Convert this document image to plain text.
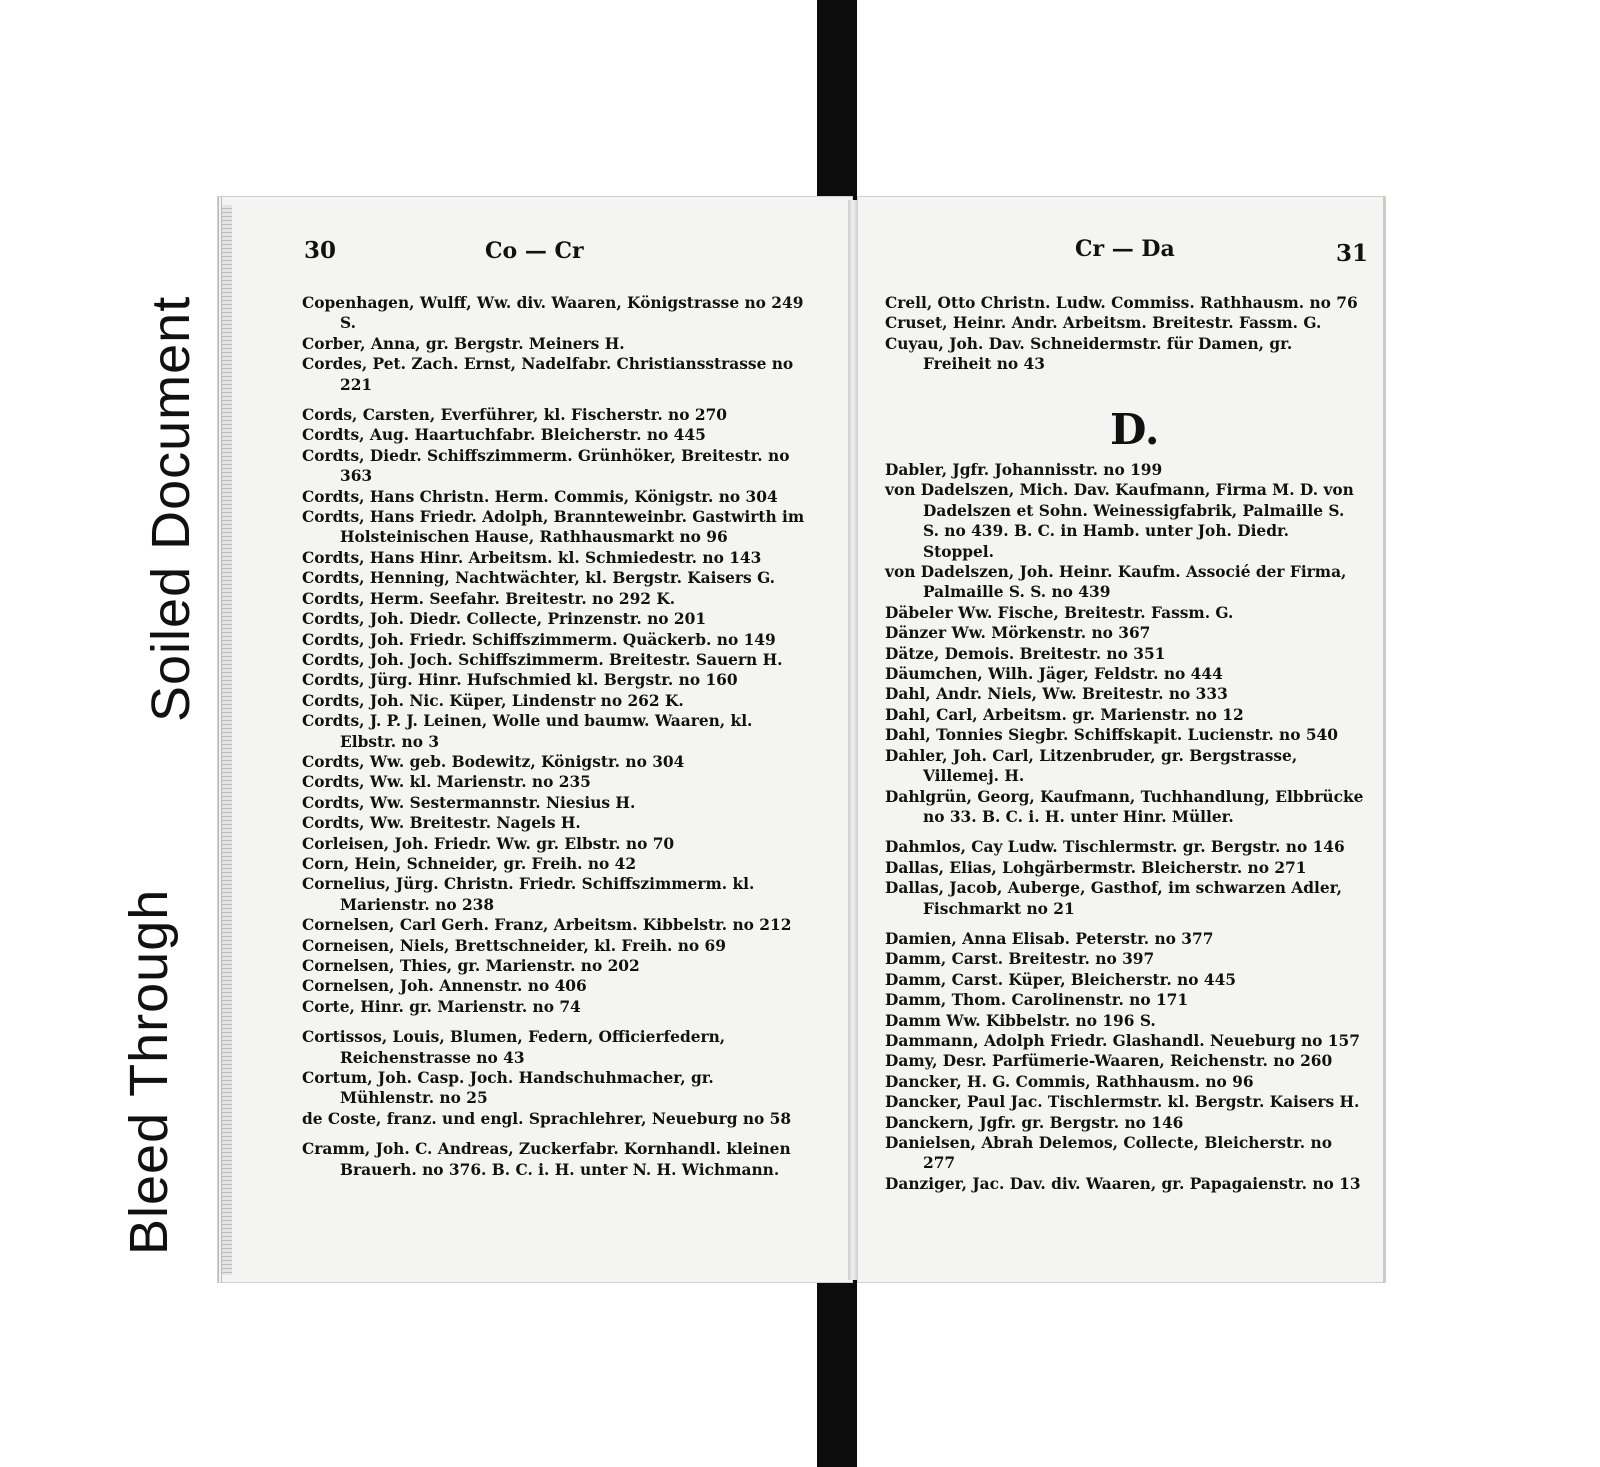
Bleed Through
Soiled Document
30	Co — Cr	Cr — Da	31
Copenhagen, Wulff, Ww. div. Waaren, Königstrasse no 249 S.
Corber, Anna, gr. Bergstr. Meiners H.
Cordes, Pet. Zach. Ernst, Nadelfabr. Christiansstrasse no 221
Cords, Carsten, Everführer, kl. Fischerstr. no 270
Cordts, Aug. Haartuchfabr. Bleicherstr. no 445
Cordts, Diedr. Schiffszimmerm. Grünhöker, Breitestr. no 363
Cordts, Hans Christn. Herm. Commis, Königstr. no 304
Cordts, Hans Friedr. Adolph, Brannteweinbr. Gastwirth im Holsteinischen Hause, Rathhausmarkt no 96
Cordts, Hans Hinr. Arbeitsm. kl. Schmiedestr. no 143
Cordts, Henning, Nachtwächter, kl. Bergstr. Kaisers G.
Cordts, Herm. Seefahr. Breitestr. no 292 K.
Cordts, Joh. Diedr. Collecte, Prinzenstr. no 201
Cordts, Joh. Friedr. Schiffszimmerm. Quäckerb. no 149
Cordts, Joh. Joch. Schiffszimmerm. Breitestr. Sauern H.
Cordts, Jürg. Hinr. Hufschmied kl. Bergstr. no 160
Cordts, Joh. Nic. Küper, Lindenstr no 262 K.
Cordts, J. P. J. Leinen, Wolle und baumw. Waaren, kl. Elbstr. no 3
Cordts, Ww. geb. Bodewitz, Königstr. no 304
Cordts, Ww. kl. Marienstr. no 235
Cordts, Ww. Sestermannstr. Niesius H.
Cordts, Ww. Breitestr. Nagels H.
Corleisen, Joh. Friedr. Ww. gr. Elbstr. no 70
Corn, Hein, Schneider, gr. Freih. no 42
Cornelius, Jürg. Christn. Friedr. Schiffszimmerm. kl. Marienstr. no 238
Cornelsen, Carl Gerh. Franz, Arbeitsm. Kibbelstr. no 212
Corneisen, Niels, Brettschneider, kl. Freih. no 69
Cornelsen, Thies, gr. Marienstr. no 202
Cornelsen, Joh. Annenstr. no 406
Corte, Hinr. gr. Marienstr. no 74
Cortissos, Louis, Blumen, Federn, Officierfedern, Reichenstrasse no 43
Cortum, Joh. Casp. Joch. Handschuhmacher, gr. Mühlenstr. no 25
de Coste, franz. und engl. Sprachlehrer, Neueburg no 58
Cramm, Joh. C. Andreas, Zuckerfabr. Kornhandl. kleinen Brauerh. no 376. B. C. i. H. unter N. H. Wichmann.
Crell, Otto Christn. Ludw. Commiss. Rathhausm. no 76
Cruset, Heinr. Andr. Arbeitsm. Breitestr. Fassm. G.
Cuyau, Joh. Dav. Schneidermstr. für Damen, gr. Freiheit no 43
D.
Dabler, Jgfr. Johannisstr. no 199
von Dadelszen, Mich. Dav. Kaufmann, Firma M. D. von Dadelszen et Sohn. Weinessigfabrik, Palmaille S. S. no 439. B. C. in Hamb. unter Joh. Diedr. Stoppel.
von Dadelszen, Joh. Heinr. Kaufm. Associé der Firma, Palmaille S. S. no 439
Däbeler Ww. Fische, Breitestr. Fassm. G.
Dänzer Ww. Mörkenstr. no 367
Dätze, Demois. Breitestr. no 351
Däumchen, Wilh. Jäger, Feldstr. no 444
Dahl, Andr. Niels, Ww. Breitestr. no 333
Dahl, Carl, Arbeitsm. gr. Marienstr. no 12
Dahl, Tonnies Siegbr. Schiffskapit. Lucienstr. no 540
Dahler, Joh. Carl, Litzenbruder, gr. Bergstrasse, Villemej. H.
Dahlgrün, Georg, Kaufmann, Tuchhandlung, Elbbrücke no 33. B. C. i. H. unter Hinr. Müller.
Dahmlos, Cay Ludw. Tischlermstr. gr. Bergstr. no 146
Dallas, Elias, Lohgärbermstr. Bleicherstr. no 271
Dallas, Jacob, Auberge, Gasthof, im schwarzen Adler, Fischmarkt no 21
Damien, Anna Elisab. Peterstr. no 377
Damm, Carst. Breitestr. no 397
Damm, Carst. Küper, Bleicherstr. no 445
Damm, Thom. Carolinenstr. no 171
Damm Ww. Kibbelstr. no 196 S.
Dammann, Adolph Friedr. Glashandl. Neueburg no 157
Damy, Desr. Parfümerie-Waaren, Reichenstr. no 260
Dancker, H. G. Commis, Rathhausm. no 96
Dancker, Paul Jac. Tischlermstr. kl. Bergstr. Kaisers H.
Danckern, Jgfr. gr. Bergstr. no 146
Danielsen, Abrah Delemos, Collecte, Bleicherstr. no 277
Danziger, Jac. Dav. div. Waaren, gr. Papagaienstr. no 13
